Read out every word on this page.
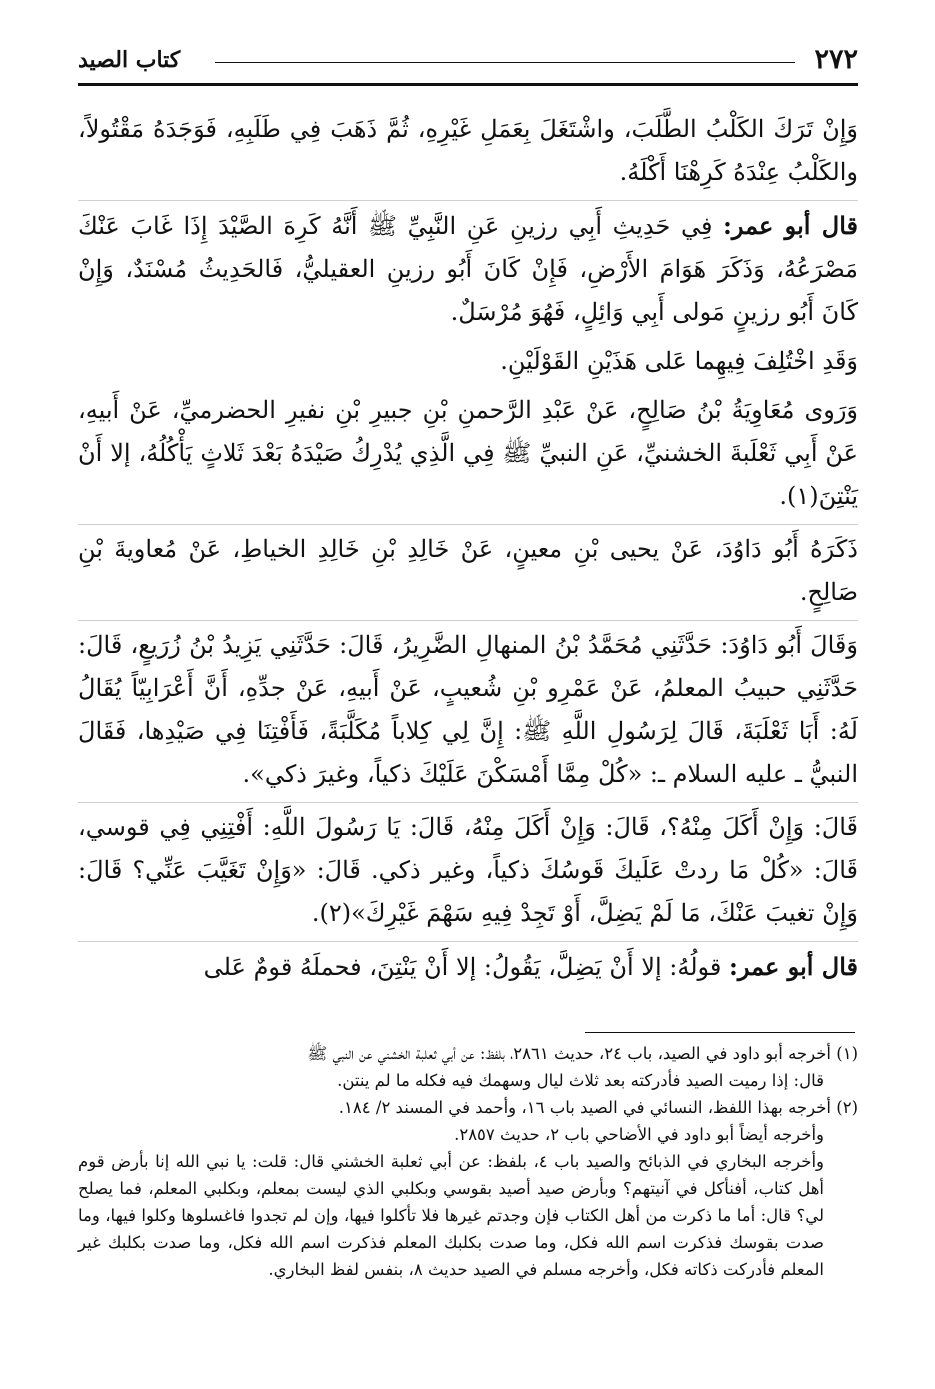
٢٧٢
كتاب الصيد

وَإِنْ تَرَكَ الكَلْبُ الطَّلَبَ، واشْتَغَلَ بِعَمَلِ غَيْرِهِ، ثُمَّ ذَهَبَ فِي طَلَبِهِ، فَوَجَدَهُ مَقْتُولاً، والكَلْبُ عِنْدَهُ كَرِهْنَا أَكْلَهُ.

قال أبو عمر: فِي حَدِيثِ أَبِي رزينِ عَنِ النَّبِيِّ ﷺ أَنَّهُ كَرِهَ الصَّيْدَ إِذَا غَابَ عَنْكَ مَصْرَعُهُ، وَذَكَرَ هَوَامَ الأَرْضِ، فَإِنْ كَانَ أَبُو رزينِ العقيليُّ، فَالحَدِيثُ مُسْنَدٌ، وَإِنْ كَانَ أَبُو رزينٍ مَولى أَبِي وَائِلٍ، فَهُوَ مُرْسَلٌ.

وَقَدِ اخْتُلِفَ فِيهِما عَلى هَذَيْنِ القَوْلَيْنِ.

وَرَوى مُعَاوِيَةُ بْنُ صَالِحٍ، عَنْ عَبْدِ الرَّحمنِ بْنِ جبيرِ بْنِ نفيرِ الحضرميِّ، عَنْ أَبيهِ، عَنْ أَبِي ثَعْلَبةَ الخشنيِّ، عَنِ النبيِّ ﷺ فِي الَّذِي يُدْرِكُ صَيْدَهُ بَعْدَ ثَلاثٍ يَأْكُلُهُ، إلا أَنْ يَنْتِنَ(١).

ذَكَرَهُ أَبُو دَاوُدَ، عَنْ يحيى بْنِ معينٍ، عَنْ خَالِدِ بْنِ خَالِدِ الخياطِ، عَنْ مُعاويةَ بْنِ صَالِحٍ.

وَقَالَ أَبُو دَاوُدَ: حَدَّثَنِي مُحَمَّدُ بْنُ المنهالِ الضَّرِيرُ، قَالَ: حَدَّثَنِي يَزِيدُ بْنُ زُرَيعٍ، قَالَ: حَدَّثَنِي حبيبُ المعلمُ، عَنْ عَمْرِو بْنِ شُعيبٍ، عَنْ أَبيهِ، عَنْ جدِّهِ، أَنَّ أَعْرَابِيّاً يُقَالُ لَهُ: أَبَا ثَعْلَبَةَ، قَالَ لِرَسُولِ اللَّهِ ﷺ: إِنَّ لِي كِلاباً مُكَلَّبَةً، فَأَفْتِنَا فِي صَيْدِها، فَقَالَ النبيُّ ـ عليه السلام ـ: «كُلْ مِمَّا أَمْسَكْنَ عَلَيْكَ ذكياً، وغيرَ ذكي».

قَالَ: وَإِنْ أَكَلَ مِنْهُ؟، قَالَ: وَإِنْ أَكَلَ مِنْهُ، قَالَ: يَا رَسُولَ اللَّهِ: أَفْتِنِي فِي قوسي، قَالَ: «كُلْ مَا ردتْ عَلَيكَ قَوسُكَ ذكياً، وغير ذكي. قَالَ: «وَإِنْ تَغَيَّبَ عَنِّي؟ قَالَ: وَإِنْ تغيبَ عَنْكَ، مَا لَمْ يَضِلَّ، أَوْ تَجِدْ فِيهِ سَهْمَ غَيْرِكَ»(٢).

قال أبو عمر: قولُهُ: إلا أَنْ يَضِلَّ، يَقُولُ: إلا أَنْ يَنْتِنَ، فحملَهُ قومٌ عَلى

(١) أخرجه أبو داود في الصيد، باب ٢٤، حديث ٢٨٦١، بلفظ: عن أبي ثعلبة الخشني عن النبي ﷺ

قال: إذا رميت الصيد فأدركته بعد ثلاث ليال وسهمك فيه فكله ما لم ينتن.

(٢) أخرجه بهذا اللفظ، النسائي في الصيد باب ١٦، وأحمد في المسند ٢/ ١٨٤.

وأخرجه أيضاً أبو داود في الأضاحي باب ٢، حديث ٢٨٥٧.

وأخرجه البخاري في الذبائح والصيد باب ٤، بلفظ: عن أبي ثعلبة الخشني قال: قلت: يا نبي الله إنا بأرض قوم أهل كتاب، أفنأكل في آنيتهم؟ وبأرض صيد أصيد بقوسي وبكلبي الذي ليست بمعلم، وبكلبي المعلم، فما يصلح لي؟ قال: أما ما ذكرت من أهل الكتاب فإن وجدتم غيرها فلا تأكلوا فيها، وإن لم تجدوا فاغسلوها وكلوا فيها، وما صدت بقوسك فذكرت اسم الله فكل، وما صدت بكلبك المعلم فذكرت اسم الله فكل، وما صدت بكلبك غير المعلم فأدركت ذكاته فكل، وأخرجه مسلم في الصيد حديث ٨، بنفس لفظ البخاري.
